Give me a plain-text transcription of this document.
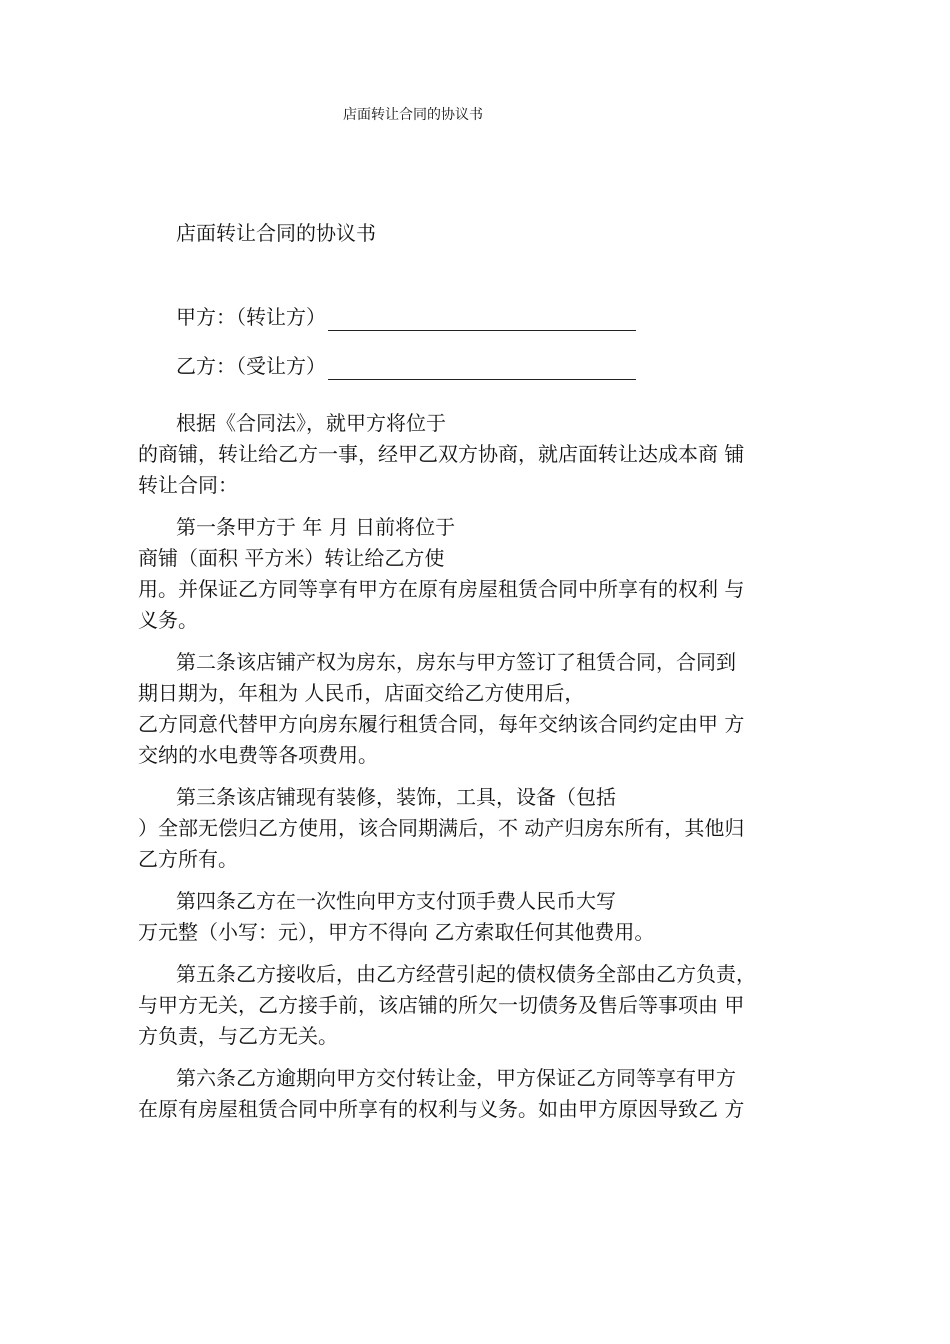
店面转让合同的协议书
店面转让合同的协议书
甲方：（转让方）
乙方：（受让方）
根据《合同法》，就甲方将位于
的商铺，转让给乙方一事，经甲乙双方协商，就店面转让达成本商 铺
转让合同：
第一条甲方于 年 月 日前将位于
商铺（面积 平方米）转让给乙方使
用。并保证乙方同等享有甲方在原有房屋租赁合同中所享有的权利 与
义务。
第二条该店铺产权为房东，房东与甲方签订了租赁合同，合同到
期日期为，年租为 人民币，店面交给乙方使用后，
乙方同意代替甲方向房东履行租赁合同，每年交纳该合同约定由甲 方
交纳的水电费等各项费用。
第三条该店铺现有装修，装饰，工具，设备（包括
）全部无偿归乙方使用，该合同期满后，不 动产归房东所有，其他归
乙方所有。
第四条乙方在一次性向甲方支付顶手费人民币大写
万元整（小写：元），甲方不得向 乙方索取任何其他费用。
第五条乙方接收后，由乙方经营引起的债权债务全部由乙方负责，
与甲方无关，乙方接手前，该店铺的所欠一切债务及售后等事项由 甲
方负责，与乙方无关。
第六条乙方逾期向甲方交付转让金，甲方保证乙方同等享有甲方
在原有房屋租赁合同中所享有的权利与义务。如由甲方原因导致乙 方
